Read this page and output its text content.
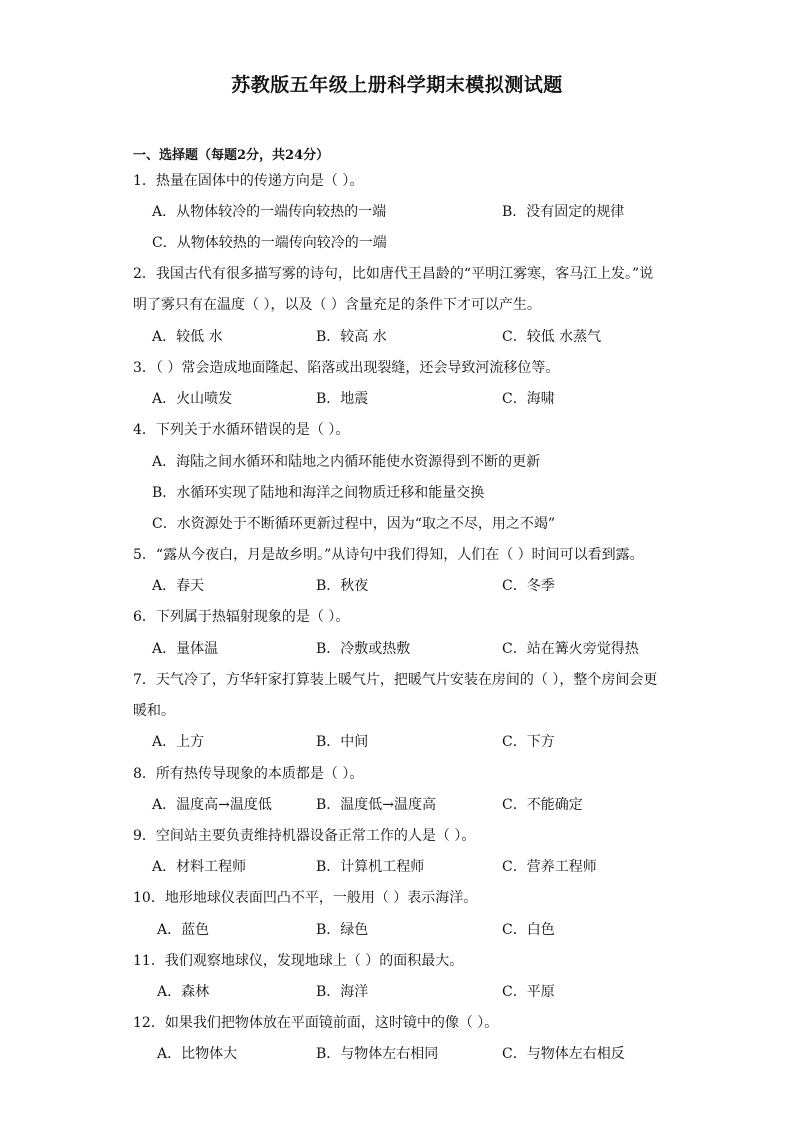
苏教版五年级上册科学期末模拟测试题
一、选择题（每题2分，共24分）
1．热量在固体中的传递方向是（ ）。
A．从物体较冷的一端传向较热的一端	B．没有固定的规律
C．从物体较热的一端传向较冷的一端
2．我国古代有很多描写雾的诗句，比如唐代王昌龄的“平明江雾寒，客马江上发。”说
明了雾只有在温度（ ），以及（ ）含量充足的条件下才可以产生。
A．较低 水	B．较高 水	C．较低 水蒸气
3．（ ）常会造成地面隆起、陷落或出现裂缝，还会导致河流移位等。
A．火山喷发	B．地震	C．海啸
4．下列关于水循环错误的是（ ）。
A．海陆之间水循环和陆地之内循环能使水资源得到不断的更新
B．水循环实现了陆地和海洋之间物质迁移和能量交换
C．水资源处于不断循环更新过程中，因为“取之不尽，用之不竭”
5．“露从今夜白，月是故乡明。”从诗句中我们得知，人们在（ ）时间可以看到露。
A．春天	B．秋夜	C．冬季
6．下列属于热辐射现象的是（ ）。
A．量体温	B．冷敷或热敷	C．站在篝火旁觉得热
7．天气冷了，方华轩家打算装上暖气片，把暖气片安装在房间的（ ），整个房间会更
暖和。
A．上方	B．中间	C．下方
8．所有热传导现象的本质都是（ ）。
A．温度高→温度低	B．温度低→温度高	C．不能确定
9．空间站主要负责维持机器设备正常工作的人是（ ）。
A．材料工程师	B．计算机工程师	C．营养工程师
10．地形地球仪表面凹凸不平，一般用（ ）表示海洋。
A．蓝色	B．绿色	C．白色
11．我们观察地球仪，发现地球上（ ）的面积最大。
A．森林	B．海洋	C．平原
12．如果我们把物体放在平面镜前面，这时镜中的像（ ）。
A．比物体大	B．与物体左右相同	C．与物体左右相反
